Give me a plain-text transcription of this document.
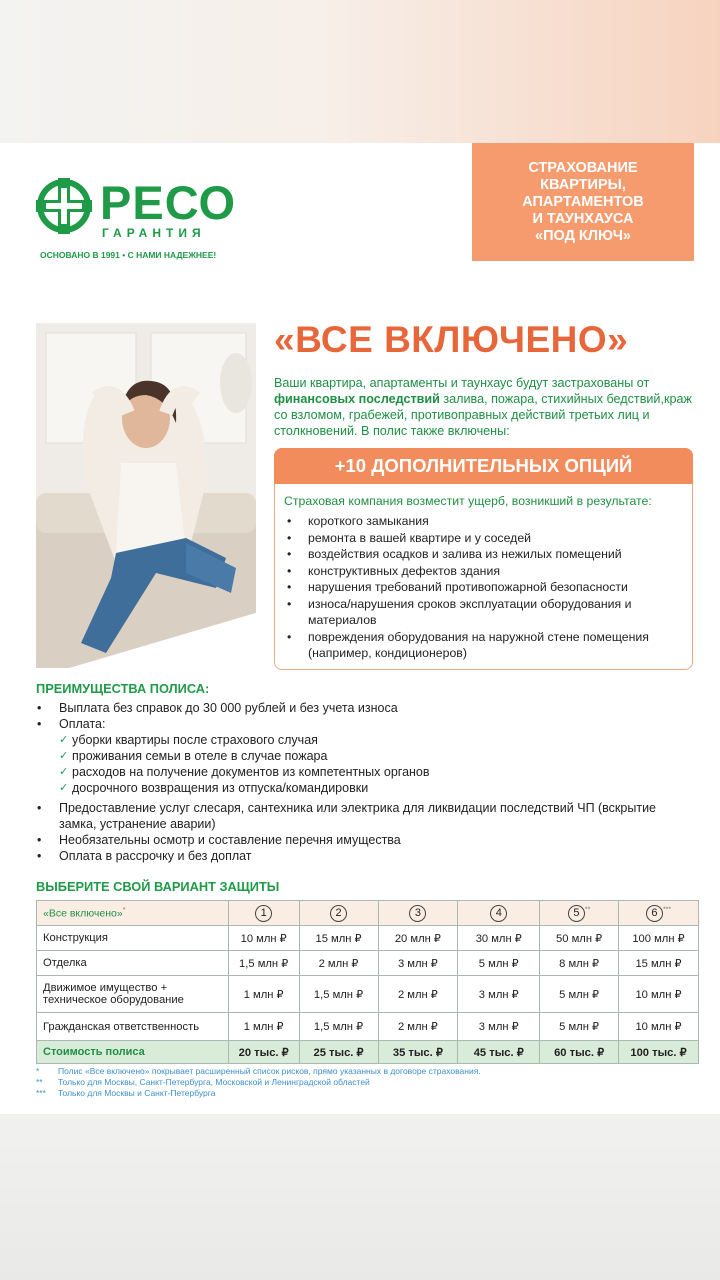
РЕСО
ГАРАНТИЯ
ОСНОВАНО В 1991 • С НАМИ НАДЕЖНЕЕ!
СТРАХОВАНИЕ
КВАРТИРЫ,
АПАРТАМЕНТОВ
И ТАУНХАУСА
«ПОД КЛЮЧ»
«ВСЕ ВКЛЮЧЕНО»
Ваши квартира, апартаменты и таунхаус будут застрахованы от финансовых последствий залива, пожара, стихийных бедствий,краж со взломом, грабежей, противоправных действий третьих лиц и столкновений. В полис также включены:
+10 ДОПОЛНИТЕЛЬНЫХ ОПЦИЙ
Страховая компания возместит ущерб, возникший в результате:
• короткого замыкания
• ремонта в вашей квартире и у соседей
• воздействия осадков и залива из нежилых помещений
• конструктивных дефектов здания
• нарушения требований противопожарной безопасности
• износа/нарушения сроков эксплуатации оборудования и материалов
• повреждения оборудования на наружной стене помещения (например, кондиционеров)
ПРЕИМУЩЕСТВА ПОЛИСА:
• Выплата без справок до 30 000 рублей и без учета износа
• Оплата:
✓ уборки квартиры после страхового случая
✓ проживания семьи в отеле в случае пожара
✓ расходов на получение документов из компетентных органов
✓ досрочного возвращения из отпуска/командировки
• Предоставление услуг слесаря, сантехника или электрика для ликвидации последствий ЧП (вскрытие замка, устранение аварии)
• Необязательны осмотр и составление перечня имущества
• Оплата в рассрочку и без доплат
ВЫБЕРИТЕ СВОЙ ВАРИАНТ ЗАЩИТЫ
«Все включено»*	1	2	3	4	5 **	6 ***
Конструкция	10 млн ₽	15 млн ₽	20 млн ₽	30 млн ₽	50 млн ₽	100 млн ₽
Отделка	1,5 млн ₽	2 млн ₽	3 млн ₽	5 млн ₽	8 млн ₽	15 млн ₽
Движимое имущество + техническое оборудование	1 млн ₽	1,5 млн ₽	2 млн ₽	3 млн ₽	5 млн ₽	10 млн ₽
Гражданская ответственность	1 млн ₽	1,5 млн ₽	2 млн ₽	3 млн ₽	5 млн ₽	10 млн ₽
Стоимость полиса	20 тыс. ₽	25 тыс. ₽	35 тыс. ₽	45 тыс. ₽	60 тыс. ₽	100 тыс. ₽
* Полис «Все включено» покрывает расширенный список рисков, прямо указанных в договоре страхования.
** Только для Москвы, Санкт-Петербурга, Московской и Ленинградской областей
*** Только для Москвы и Санкт-Петербурга
